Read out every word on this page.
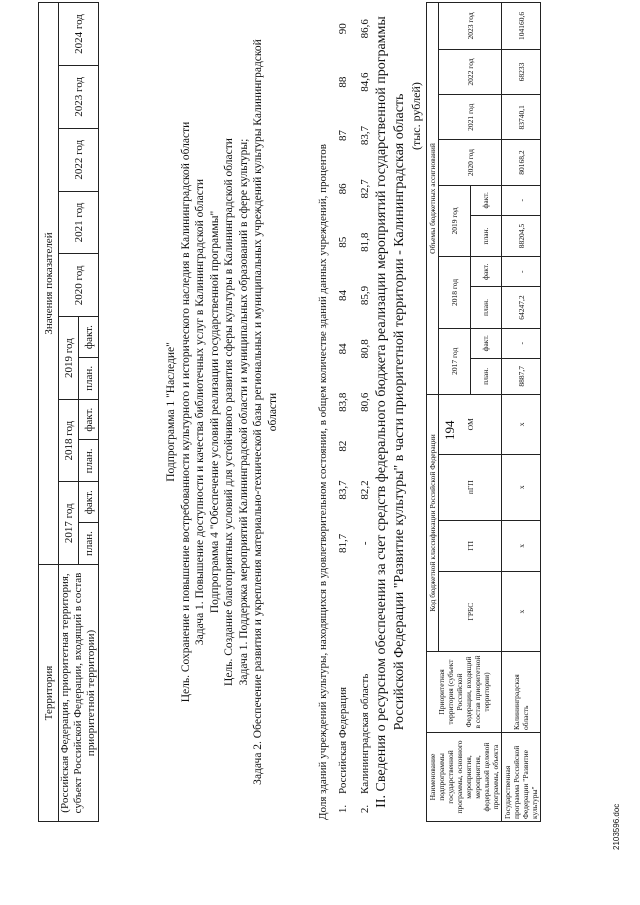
194
Территория	Значения показателей										
(Российская Федерация, приоритетная территория, субъект Российской Федерации, входящий в состав приоритетной территории)	2017 год		2018 год		2019 год		2020 год	2021 год	2022 год	2023 год	2024 год
	план.	факт.	план.	факт.	план.	факт.					

Подпрограмма 1 "Наследие" Цель. Сохранение и повышение востребованности культурного и исторического наследия в Калининградской области Задача 1. Повышение доступности и качества библиотечных услуг в Калининградской области Подпрограмма 4 "Обеспечение условий реализации государственной программы" Цель. Создание благоприятных условий для устойчивого развития сферы культуры в Калининградской области Задача 1. Поддержка мероприятий Калининградской области и муниципальных образований в сфере культуры; Задача 2. Обеспечение развития и укрепления материально-технической базы региональных и муниципальных учреждений культуры Калининградской области	Доля зданий учреждений культуры, находящихся в удовлетворительном состоянии, в общем количестве зданий данных учреждений, процентов												
1.	Российская Федерация	81,7	83,7	82	83,8	84	84	85	86	87	88	90
2.	Калининградская область	-	82,2		80,6	80,8	85,9	81,8	82,7	83,7	84,6	86,6 II. Сведения о ресурсном обеспечении за счет средств федерального бюджета реализации мероприятий государственной программы Российской Федерации "Развитие культуры" в части приоритетной территории - Калининградская область (тыс. рублей)
Наименование подпрограммы государственной программы, основного мероприятия, мероприятия, федеральной целевой программы, объекта	Приоритетная территория (субъект Российской Федерации, входящий в состав приоритетной территории)	Код бюджетной классификации Российской Федерации				Объемы бюджетных ассигнований									
		ГРБС	ГП	пГП	ОМ	2017 год		2018 год		2019 год		2020 год	2021 год	2022 год	2023 год
						план.	факт.	план.	факт.	план.	факт.				

Государственная программа Российской Федерации "Развитие культуры"	Калининградская область	х	х	х	х	8887,7	-	64247,2	-	88204,5	-	80168,2	83740,1	68233	104160,6
2103596.doc
